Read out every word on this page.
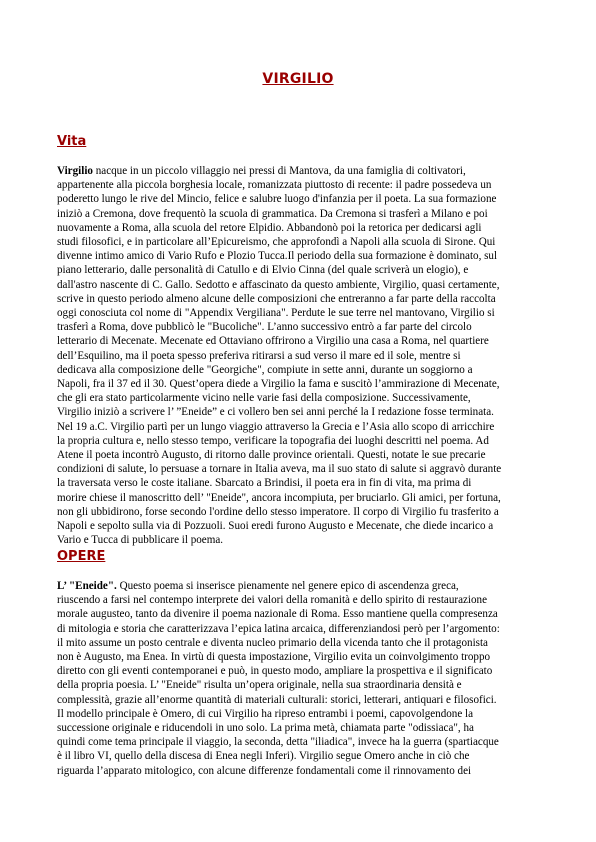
VIRGILIO
Vita
Virgilio nacque in un piccolo villaggio nei pressi di Mantova, da una famiglia di coltivatori,
appartenente alla piccola borghesia locale, romanizzata piuttosto di recente: il padre possedeva un
poderetto lungo le rive del Mincio, felice e salubre luogo d'infanzia per il poeta. La sua formazione
iniziò a Cremona, dove frequentò la scuola di grammatica. Da Cremona si trasferì a Milano e poi
nuovamente a Roma, alla scuola del retore Elpidio. Abbandonò poi la retorica per dedicarsi agli
studi filosofici, e in particolare all’Epicureismo, che approfondì a Napoli alla scuola di Sirone. Qui
divenne intimo amico di Vario Rufo e Plozio Tucca.Il periodo della sua formazione è dominato, sul
piano letterario, dalle personalità di Catullo e di Elvio Cinna (del quale scriverà un elogio), e
dall'astro nascente di C. Gallo. Sedotto e affascinato da questo ambiente, Virgilio, quasi certamente,
scrive in questo periodo almeno alcune delle composizioni che entreranno a far parte della raccolta
oggi conosciuta col nome di "Appendix Vergiliana". Perdute le sue terre nel mantovano, Virgilio si
trasferì a Roma, dove pubblicò le "Bucoliche". L’anno successivo entrò a far parte del circolo
letterario di Mecenate. Mecenate ed Ottaviano offrirono a Virgilio una casa a Roma, nel quartiere
dell’Esquilino, ma il poeta spesso preferiva ritirarsi a sud verso il mare ed il sole, mentre si
dedicava alla composizione delle "Georgiche", compiute in sette anni, durante un soggiorno a
Napoli, fra il 37 ed il 30. Quest’opera diede a Virgilio la fama e suscitò l’ammirazione di Mecenate,
che gli era stato particolarmente vicino nelle varie fasi della composizione. Successivamente,
Virgilio iniziò a scrivere l’ ”Eneide” e ci vollero ben sei anni perché la I redazione fosse terminata.
Nel 19 a.C. Virgilio partì per un lungo viaggio attraverso la Grecia e l’Asia allo scopo di arricchire
la propria cultura e, nello stesso tempo, verificare la topografia dei luoghi descritti nel poema. Ad
Atene il poeta incontrò Augusto, di ritorno dalle province orientali. Questi, notate le sue precarie
condizioni di salute, lo persuase a tornare in Italia aveva, ma il suo stato di salute si aggravò durante
la traversata verso le coste italiane. Sbarcato a Brindisi, il poeta era in fin di vita, ma prima di
morire chiese il manoscritto dell’ "Eneide", ancora incompiuta, per bruciarlo. Gli amici, per fortuna,
non gli ubbidirono, forse secondo l'ordine dello stesso imperatore. Il corpo di Virgilio fu trasferito a
Napoli e sepolto sulla via di Pozzuoli. Suoi eredi furono Augusto e Mecenate, che diede incarico a
Vario e Tucca di pubblicare il poema.
OPERE
L’ "Eneide". Questo poema si inserisce pienamente nel genere epico di ascendenza greca,
riuscendo a farsi nel contempo interprete dei valori della romanità e dello spirito di restaurazione
morale augusteo, tanto da divenire il poema nazionale di Roma. Esso mantiene quella compresenza
di mitologia e storia che caratterizzava l’epica latina arcaica, differenziandosi però per l’argomento:
il mito assume un posto centrale e diventa nucleo primario della vicenda tanto che il protagonista
non è Augusto, ma Enea. In virtù di questa impostazione, Virgilio evita un coinvolgimento troppo
diretto con gli eventi contemporanei e può, in questo modo, ampliare la prospettiva e il significato
della propria poesia. L’ "Eneide" risulta un’opera originale, nella sua straordinaria densità e
complessità, grazie all’enorme quantità di materiali culturali: storici, letterari, antiquari e filosofici.
Il modello principale è Omero, di cui Virgilio ha ripreso entrambi i poemi, capovolgendone la
successione originale e riducendoli in uno solo. La prima metà, chiamata parte "odissiaca", ha
quindi come tema principale il viaggio, la seconda, detta "iliadica", invece ha la guerra (spartiacque
è il libro VI, quello della discesa di Enea negli Inferi). Virgilio segue Omero anche in ciò che
riguarda l’apparato mitologico, con alcune differenze fondamentali come il rinnovamento dei
